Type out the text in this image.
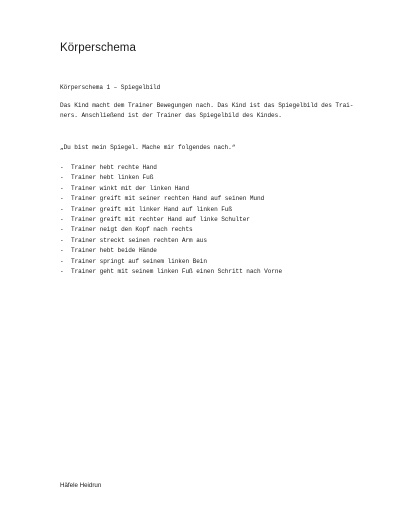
Körperschema

Körperschema 1 – Spiegelbild

Das Kind macht dem Trainer Bewegungen nach. Das Kind ist das Spiegelbild des Trai-
ners. Anschließend ist der Trainer das Spiegelbild des Kindes.

„Du bist mein Spiegel. Mache mir folgendes nach.“

-	Trainer hebt rechte Hand
-	Trainer hebt linken Fuß
-	Trainer winkt mit der linken Hand
-	Trainer greift mit seiner rechten Hand auf seinen Mund
-	Trainer greift mit linker Hand auf linken Fuß
-	Trainer greift mit rechter Hand auf linke Schulter
-	Trainer neigt den Kopf nach rechts
-	Trainer streckt seinen rechten Arm aus
-	Trainer hebt beide Hände
-	Trainer springt auf seinem linken Bein
-	Trainer geht mit seinem linken Fuß einen Schritt nach Vorne

Häfele Heidrun
